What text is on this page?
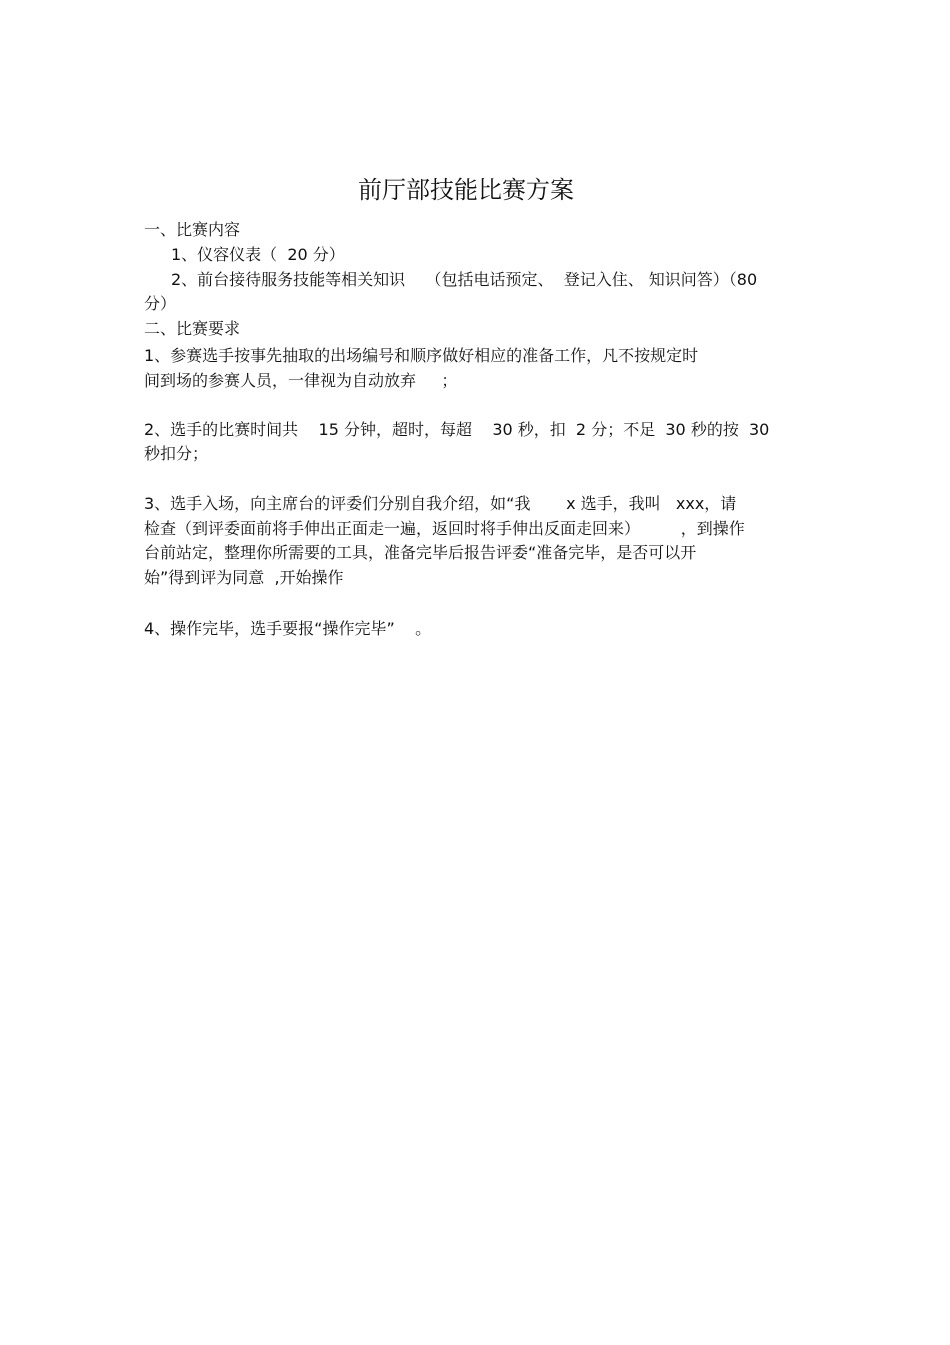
前厅部技能比赛方案
一、比赛内容
1、仪容仪表（  20 分）
2、前台接待服务技能等相关知识    （包括电话预定、  登记入住、 知识问答）（80
分）
二、比赛要求
1、参赛选手按事先抽取的出场编号和顺序做好相应的准备工作，凡不按规定时
间到场的参赛人员，一律视为自动放弃     ；
2、选手的比赛时间共    15 分钟，超时，每超    30 秒，扣  2 分；不足  30 秒的按  30
秒扣分；
3、选手入场，向主席台的评委们分别自我介绍，如“我       x 选手，我叫   xxx，请
检查（到评委面前将手伸出正面走一遍，返回时将手伸出反面走回来）        ，到操作
台前站定，整理你所需要的工具，准备完毕后报告评委“准备完毕，是否可以开
始”得到评为同意  ,开始操作
4、操作完毕，选手要报“操作完毕”    。
